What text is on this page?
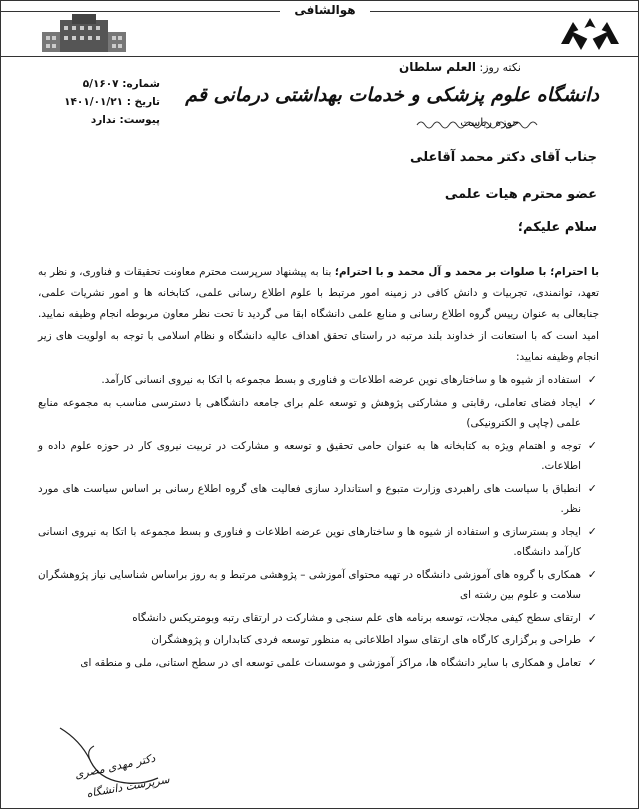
هوالشافی
نکته روز: العلم سلطان
دانشگاه علوم پزشکی و خدمات بهداشتی درمانی قم
حوزه ریاست
شماره: ۵/۱۶۰۷
تاریخ : ۱۴۰۱/۰۱/۲۱
پیوست: ندارد
جناب آقای دکتر محمد آقاعلی
عضو محترم هیات علمی
سلام علیکم؛

با احترام؛ با صلوات بر محمد و آل محمد و با احترام؛ بنا به پیشنهاد سرپرست محترم معاونت تحقیقات و فناوری، و نظر به تعهد، توانمندی، تجربیات و دانش کافی در زمینه امور مرتبط با علوم اطلاع رسانی علمی، کتابخانه ها و امور نشریات علمی، جنابعالی به عنوان رییس گروه اطلاع رسانی و منابع علمی دانشگاه ابقا می گردید تا تحت نظر معاون مربوطه انجام وظیفه نمایید. امید است که با استعانت از خداوند بلند مرتبه در راستای تحقق اهداف عالیه دانشگاه و نظام اسلامی با توجه به اولویت های زیر انجام وظیفه نمایید:

✓
استفاده از شیوه ها و ساختارهای نوین عرضه اطلاعات و فناوری و بسط مجموعه با اتکا به نیروی انسانی کارآمد.
✓
ایجاد فضای تعاملی، رقابتی و مشارکتی پژوهش و توسعه علم برای جامعه دانشگاهی با دسترسی مناسب به مجموعه منابع علمی (چاپی و الکترونیکی)
✓
توجه و اهتمام ویژه به کتابخانه ها به عنوان حامی تحقیق و توسعه و مشارکت در تربیت نیروی کار در حوزه علوم داده و اطلاعات.
✓
انطباق با سیاست های راهبردی وزارت متبوع و استاندارد سازی فعالیت های گروه اطلاع رسانی بر اساس سیاست های مورد نظر.
✓
ایجاد و بسترسازی و استفاده از شیوه ها و ساختارهای نوین عرضه اطلاعات و فناوری و بسط مجموعه با اتکا به نیروی انسانی کارآمد دانشگاه.
✓
همکاری با گروه های آموزشی دانشگاه در تهیه محتوای آموزشی – پژوهشی مرتبط و به روز براساس شناسایی نیاز پژوهشگران سلامت و علوم بین رشته ای
✓
ارتقای سطح کیفی مجلات، توسعه برنامه های علم سنجی و مشارکت در ارتقای رتبه وبومتریکس دانشگاه
✓
طراحی و برگزاری کارگاه های ارتقای سواد اطلاعاتی به منظور توسعه فردی کتابداران و پژوهشگران
✓
تعامل و همکاری با سایر دانشگاه ها، مراکز آموزشی و موسسات علمی توسعه ای در سطح استانی، ملی و منطقه ای
دکتر مهدی مصری
سرپرست دانشگاه
